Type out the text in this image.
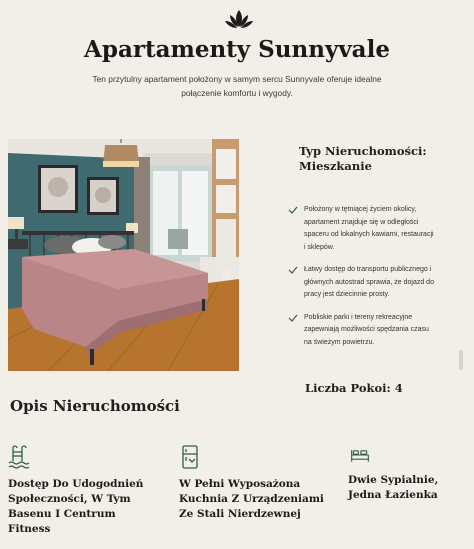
Apartamenty Sunnyvale
Ten przytulny apartament położony w samym sercu Sunnyvale oferuje idealne połączenie komfortu i wygody.
Typ Nieruchomości:
Mieszkanie
Położony w tętniącej życiem okolicy, apartament znajduje się w odległości spaceru od lokalnych kawiarni, restauracji i sklepów.
Łatwy dostęp do transportu publicznego i głównych autostrad sprawia, że dojazd do pracy jest dziecinnie prosty.
Pobliskie parki i tereny rekreacyjne zapewniają możliwości spędzania czasu na świeżym powietrzu.
Liczba Pokoi: 4
Opis Nieruchomości
Dostęp Do Udogodnień Społeczności, W Tym Basenu I Centrum Fitness
W Pełni Wyposażona Kuchnia Z Urządzeniami Ze Stali Nierdzewnej
Dwie Sypialnie, Jedna Łazienka
